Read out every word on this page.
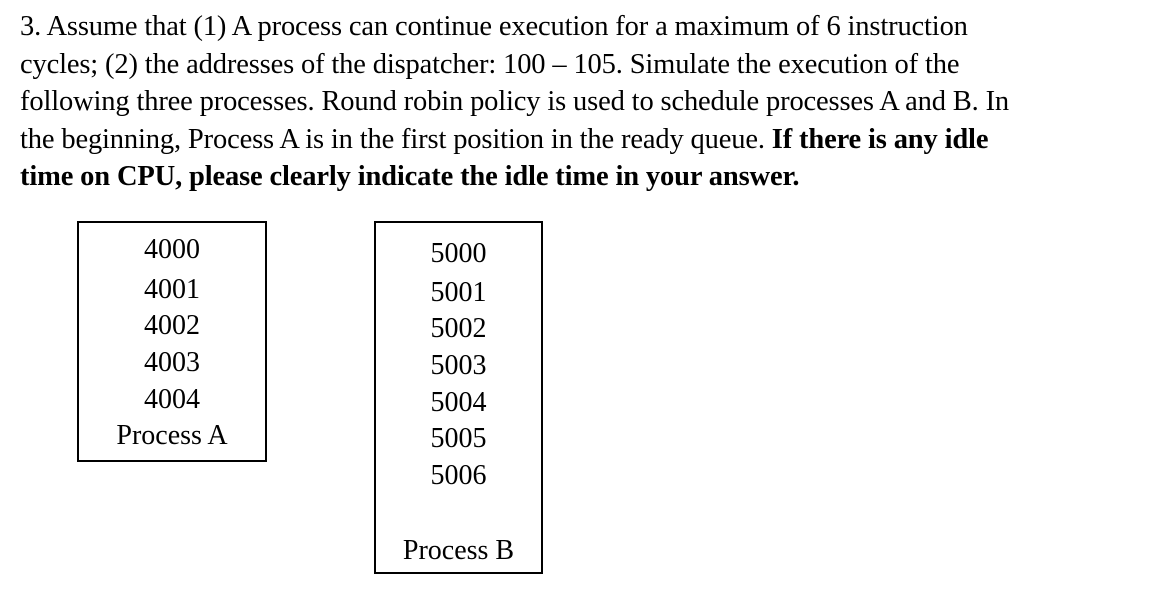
3. Assume that (1) A process can continue execution for a maximum of 6 instruction
cycles; (2) the addresses of the dispatcher: 100 – 105. Simulate the execution of the
following three processes. Round robin policy is used to schedule processes A and B. In
the beginning, Process A is in the first position in the ready queue. If there is any idle
time on CPU, please clearly indicate the idle time in your answer.
4000
4001
4002
4003
4004
Process A
5000
5001
5002
5003
5004
5005
5006
Process B
